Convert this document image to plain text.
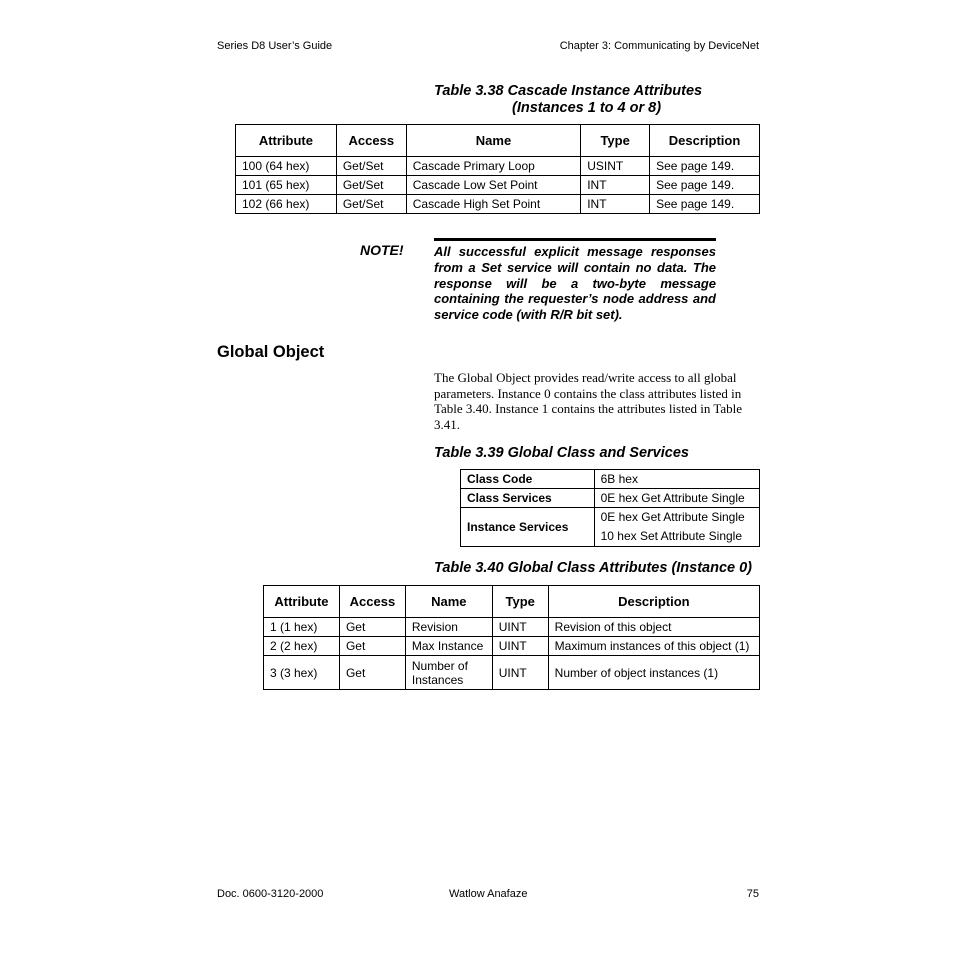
Series D8 User’s Guide	Chapter 3: Communicating by DeviceNet
Table 3.38 Cascade Instance Attributes
(Instances 1 to 4 or 8)
Attribute	Access	Name	Type	Description
100 (64 hex)	Get/Set	Cascade Primary Loop	USINT	See page 149.
101 (65 hex)	Get/Set	Cascade Low Set Point	INT	See page 149.
102 (66 hex)	Get/Set	Cascade High Set Point	INT	See page 149.
NOTE! All successful explicit message responses from a Set service will contain no data. The response will be a two-byte message containing the requester’s node address and service code (with R/R bit set).
Global Object
The Global Object provides read/write access to all global parameters. Instance 0 contains the class attributes listed in Table 3.40. Instance 1 contains the attributes listed in Table 3.41.
Table 3.39 Global Class and Services
Class Code	6B hex
Class Services	0E hex Get Attribute Single
Instance Services	0E hex Get Attribute Single
10 hex Set Attribute Single
Table 3.40 Global Class Attributes (Instance 0)
Attribute	Access	Name	Type	Description
1 (1 hex)	Get	Revision	UINT	Revision of this object
2 (2 hex)	Get	Max Instance	UINT	Maximum instances of this object (1)
3 (3 hex)	Get	Number of Instances	UINT	Number of object instances (1)
Doc. 0600-3120-2000	Watlow Anafaze	75
